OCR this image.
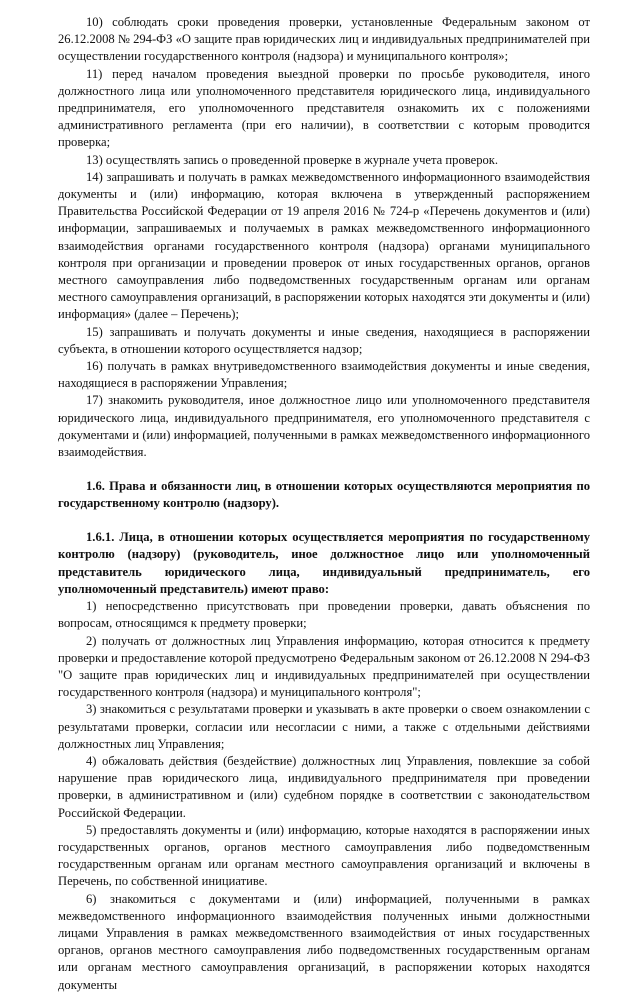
10) соблюдать сроки проведения проверки, установленные Федеральным законом от 26.12.2008 № 294-ФЗ «О защите прав юридических лиц и индивидуальных предпринимателей при осуществлении государственного контроля (надзора) и муниципального контроля»;

11) перед началом проведения выездной проверки по просьбе руководителя, иного должностного лица или уполномоченного представителя юридического лица, индивидуального предпринимателя, его уполномоченного представителя ознакомить их с положениями административного регламента (при его наличии), в соответствии с которым проводится проверка;

13) осуществлять запись о проведенной проверке в журнале учета проверок.

14) запрашивать и получать в рамках межведомственного информационного взаимодействия документы и (или) информацию, которая включена в утвержденный распоряжением Правительства Российской Федерации от 19 апреля 2016 № 724-р «Перечень документов и (или) информации, запрашиваемых и получаемых в рамках межведомственного информационного взаимодействия органами государственного контроля (надзора) органами муниципального контроля при организации и проведении проверок от иных государственных органов, органов местного самоуправления либо подведомственных государственным органам или органам местного самоуправления организаций, в распоряжении которых находятся эти документы и (или) информация» (далее – Перечень);

15) запрашивать и получать документы и иные сведения, находящиеся в распоряжении субъекта, в отношении которого осуществляется надзор;

16) получать в рамках внутриведомственного взаимодействия документы и иные сведения, находящиеся в распоряжении Управления;

17) знакомить руководителя, иное должностное лицо или уполномоченного представителя юридического лица, индивидуального предпринимателя, его уполномоченного представителя с документами и (или) информацией, полученными в рамках межведомственного информационного взаимодействия.

1.6. Права и обязанности лиц, в отношении которых осуществляются мероприятия по государственному контролю (надзору).

1.6.1. Лица, в отношении которых осуществляется мероприятия по государственному контролю (надзору) (руководитель, иное должностное лицо или уполномоченный представитель юридического лица, индивидуальный предприниматель, его уполномоченный представитель) имеют право:

1) непосредственно присутствовать при проведении проверки, давать объяснения по вопросам, относящимся к предмету проверки;

2) получать от должностных лиц Управления информацию, которая относится к предмету проверки и предоставление которой предусмотрено Федеральным законом от 26.12.2008 N 294-ФЗ "О защите прав юридических лиц и индивидуальных предпринимателей при осуществлении государственного контроля (надзора) и муниципального контроля";

3) знакомиться с результатами проверки и указывать в акте проверки о своем ознакомлении с результатами проверки, согласии или несогласии с ними, а также с отдельными действиями должностных лиц Управления;

4) обжаловать действия (бездействие) должностных лиц Управления, повлекшие за собой нарушение прав юридического лица, индивидуального предпринимателя при проведении проверки, в административном и (или) судебном порядке в соответствии с законодательством Российской Федерации.

5) предоставлять документы и (или) информацию, которые находятся в распоряжении иных государственных органов, органов местного самоуправления либо подведомственным государственным органам или органам местного самоуправления организаций и включены в Перечень, по собственной инициативе.

6) знакомиться с документами и (или) информацией, полученными в рамках межведомственного информационного взаимодействия полученных иными должностными лицами Управления в рамках межведомственного взаимодействия от иных государственных органов, органов местного самоуправления либо подведомственных государственным органам или органам местного самоуправления организаций, в распоряжении которых находятся документы
